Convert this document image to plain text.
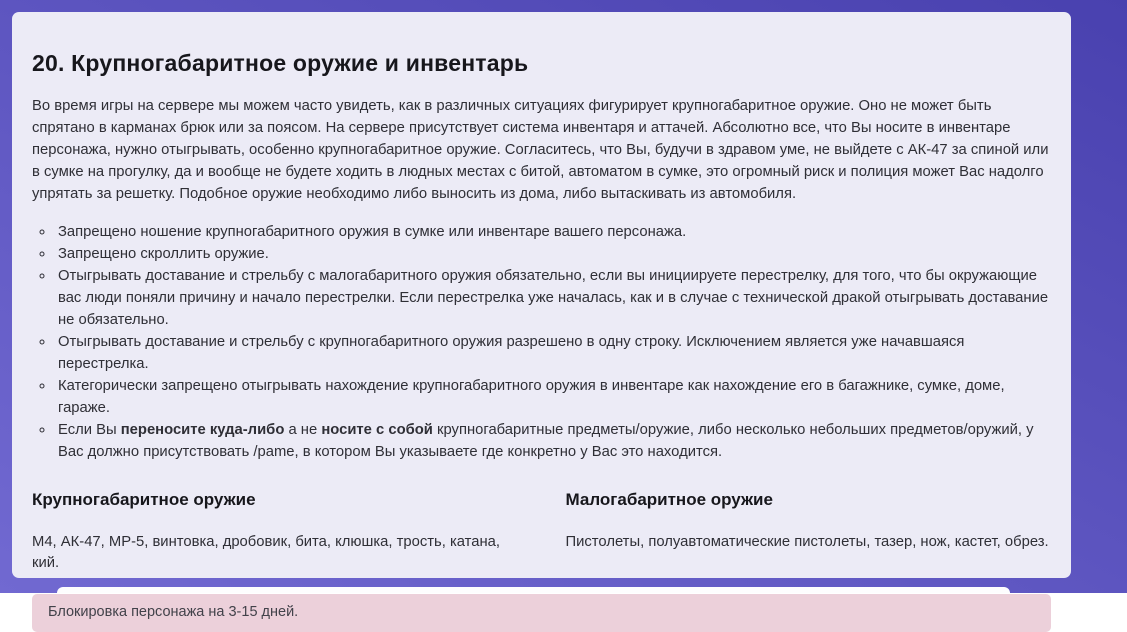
20. Крупногабаритное оружие и инвентарь

Во время игры на сервере мы можем часто увидеть, как в различных ситуациях фигурирует крупногабаритное оружие. Оно не может быть спрятано в карманах брюк или за поясом. На сервере присутствует система инвентаря и аттачей. Абсолютно все, что Вы носите в инвентаре персонажа, нужно отыгрывать, особенно крупногабаритное оружие. Согласитесь, что Вы, будучи в здравом уме, не выйдете с АК-47 за спиной или в сумке на прогулку, да и вообще не будете ходить в людных местах с битой, автоматом в сумке, это огромный риск и полиция может Вас надолго упрятать за решетку. Подобное оружие необходимо либо выносить из дома, либо вытаскивать из автомобиля.

◦ Запрещено ношение крупногабаритного оружия в сумке или инвентаре вашего персонажа.
◦ Запрещено скроллить оружие.
◦ Отыгрывать доставание и стрельбу с малогабаритного оружия обязательно, если вы инициируете перестрелку, для того, что бы окружающие вас люди поняли причину и начало перестрелки. Если перестрелка уже началась, как и в случае с технической дракой отыгрывать доставание не обязательно.
◦ Отыгрывать доставание и стрельбу с крупногабаритного оружия разрешено в одну строку. Исключением является уже начавшаяся перестрелка.
◦ Категорически запрещено отыгрывать нахождение крупногабаритного оружия в инвентаре как нахождение его в багажнике, сумке, доме, гараже.
◦ Если Вы переносите куда-либо а не носите с собой крупногабаритные предметы/оружие, либо несколько небольших предметов/оружий, у Вас должно присутствовать /pame, в котором Вы указываете где конкретно у Вас это находится.
Крупногабаритное оружие

М4, АК-47, МР-5, винтовка, дробовик, бита, клюшка, трость, катана, кий.

Малогабаритное оружие

Пистолеты, полуавтоматические пистолеты, тазер, нож, кастет, обрез.

Блокировка персонажа на 3-15 дней.
